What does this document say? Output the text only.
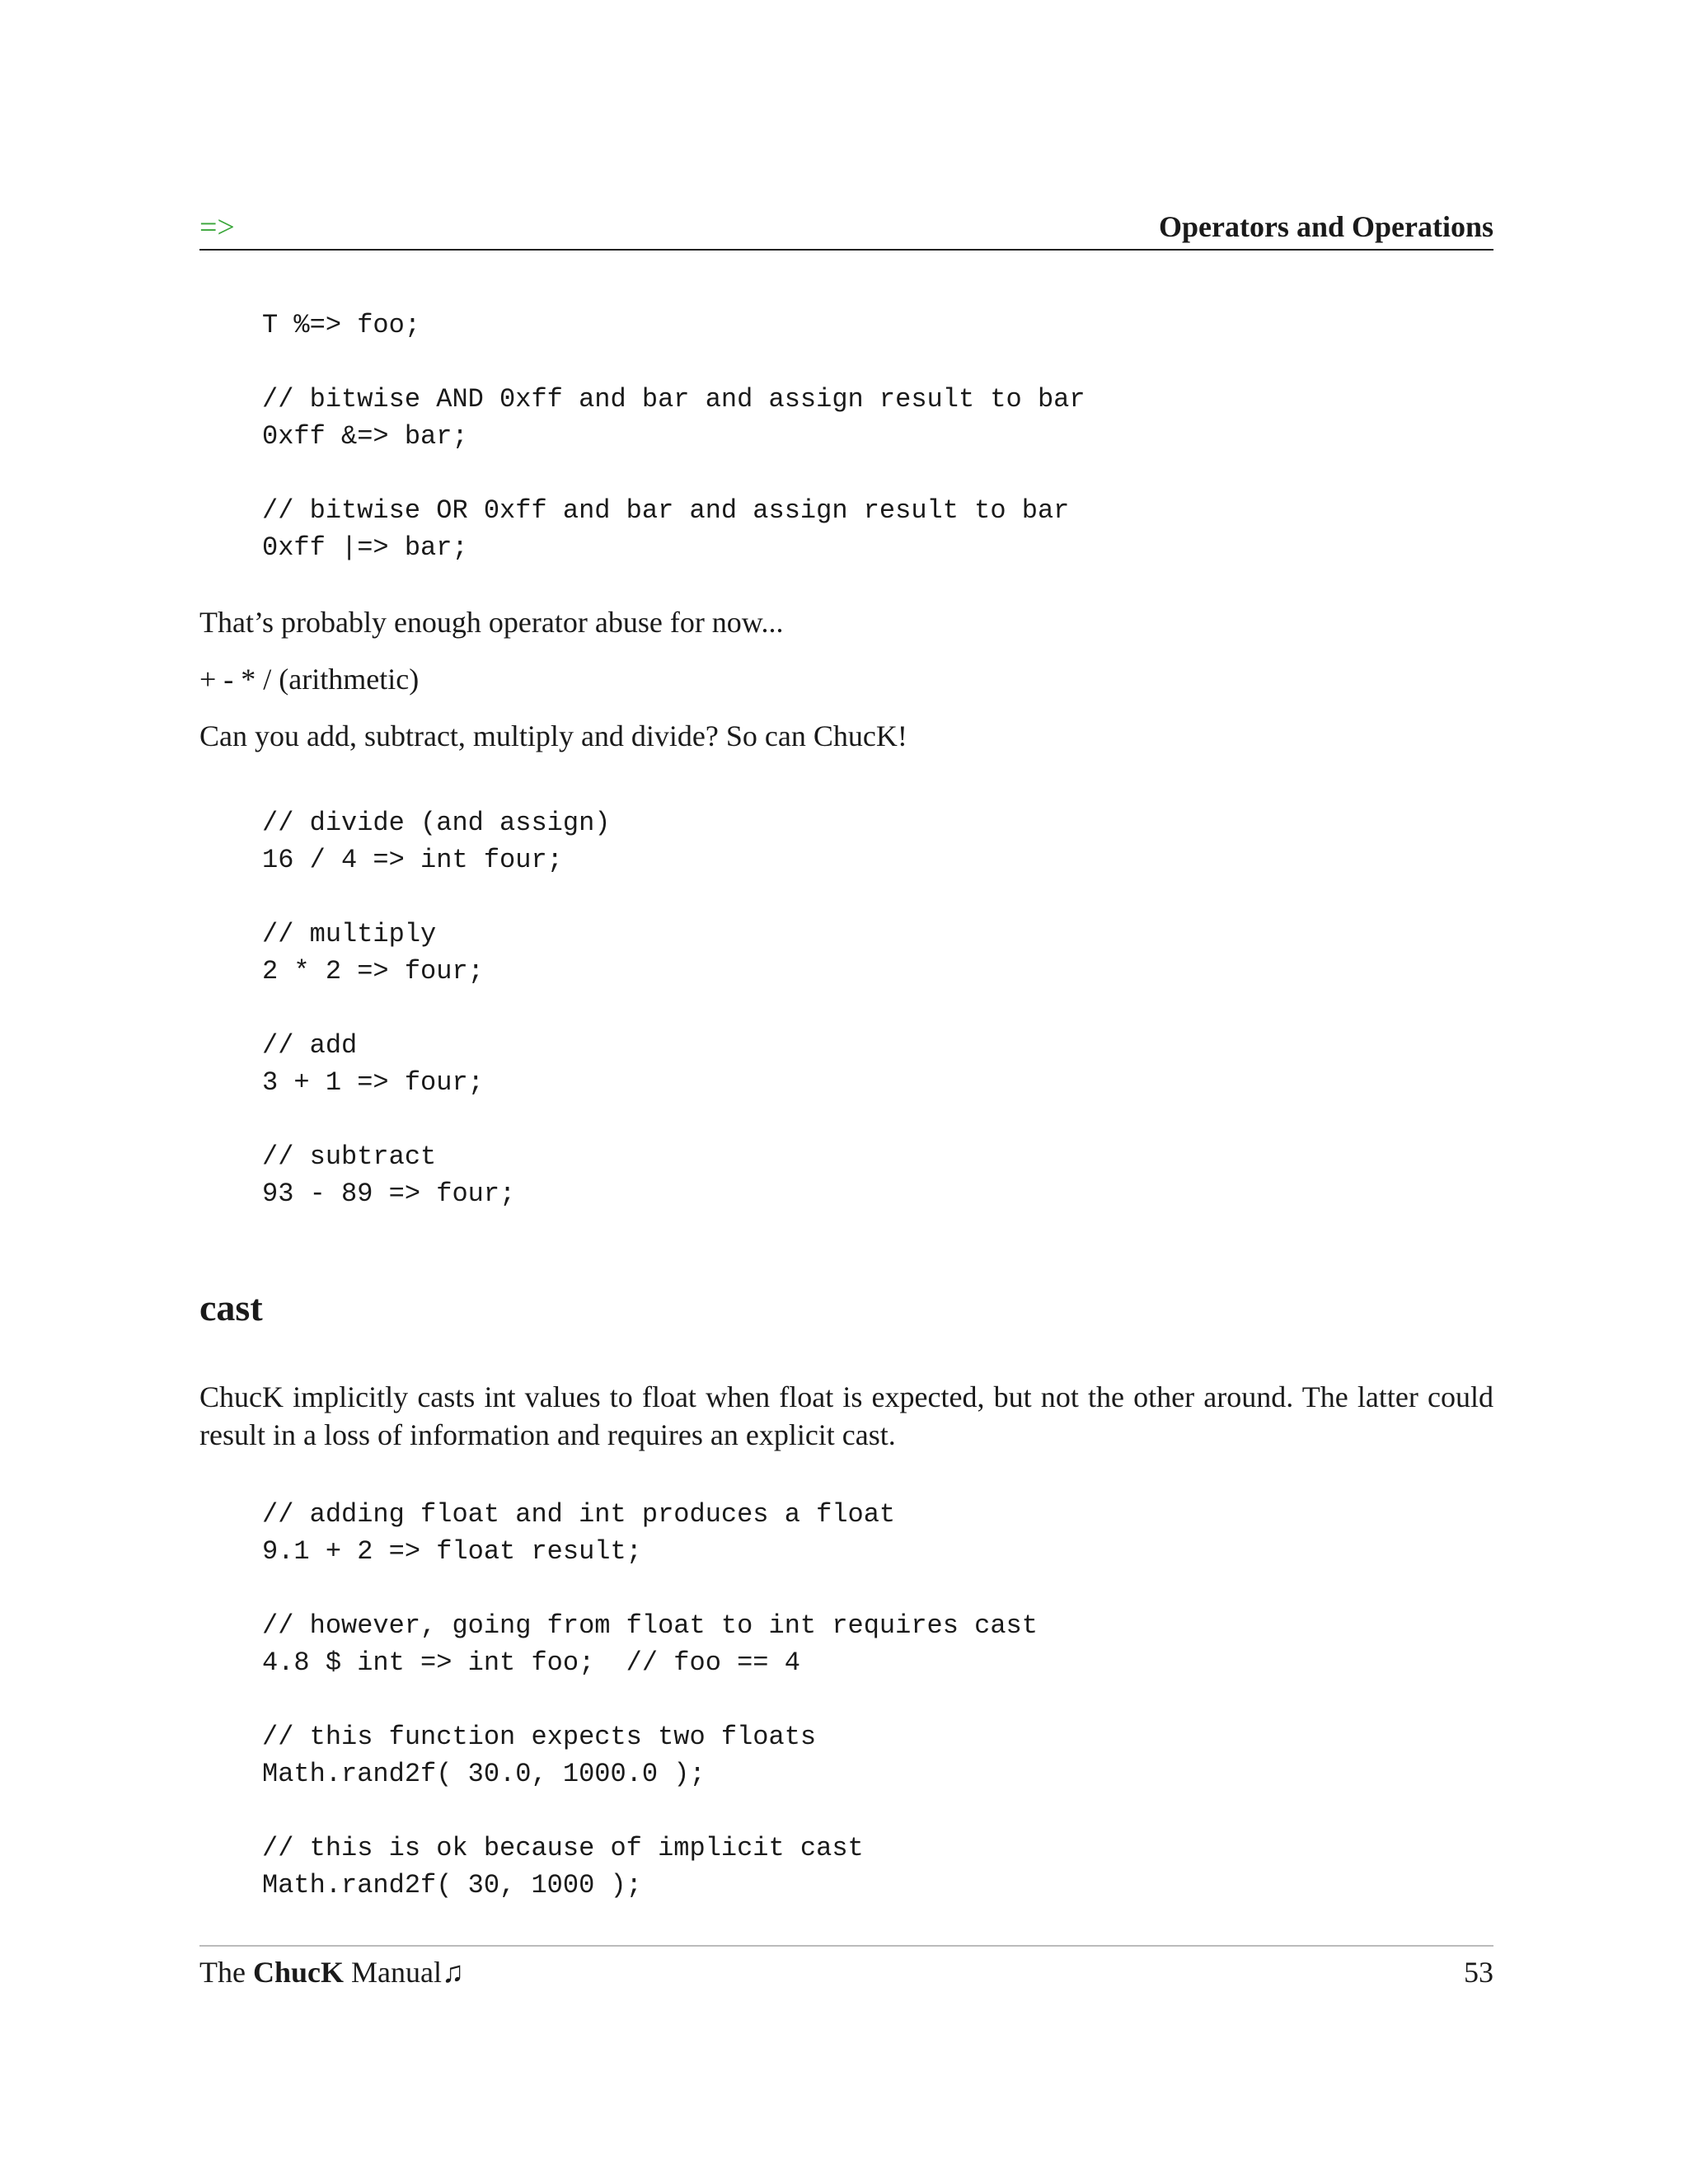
=>	Operators and Operations
T %=> foo;

// bitwise AND 0xff and bar and assign result to bar
0xff &=> bar;

// bitwise OR 0xff and bar and assign result to bar
0xff |=> bar;

That’s probably enough operator abuse for now...

+ - * / (arithmetic)

Can you add, subtract, multiply and divide? So can ChucK!

// divide (and assign)
16 / 4 => int four;

// multiply
2 * 2 => four;

// add
3 + 1 => four;

// subtract
93 - 89 => four;
cast

ChucK implicitly casts int values to float when float is expected, but not the other around. The latter could result in a loss of information and requires an explicit cast.

// adding float and int produces a float
9.1 + 2 => float result;

// however, going from float to int requires cast
4.8 $ int => int foo;  // foo == 4

// this function expects two floats
Math.rand2f( 30.0, 1000.0 );

// this is ok because of implicit cast
Math.rand2f( 30, 1000 );
The ChucK Manual♫	53
